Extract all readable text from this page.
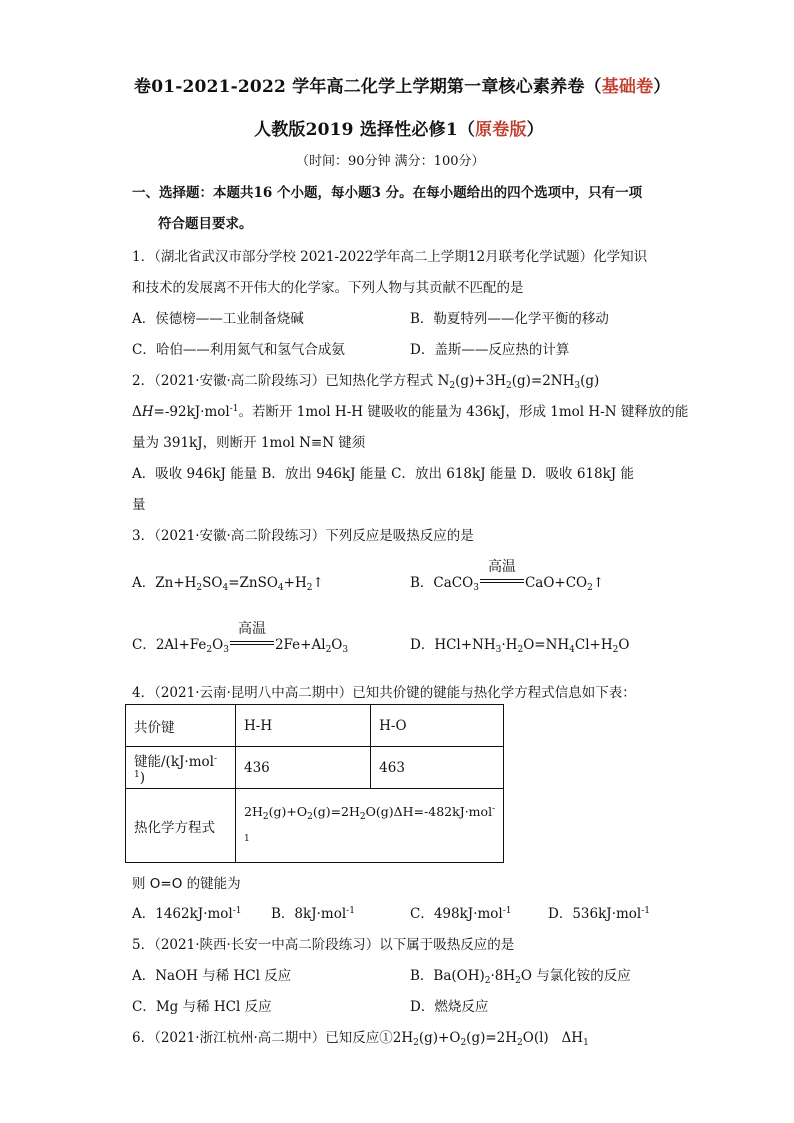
卷01-2021-2022 学年高二化学上学期第一章核心素养卷（基础卷）
人教版2019 选择性必修1（原卷版）
（时间：90分钟 满分：100分）
一、选择题：本题共16 个小题，每小题3 分。在每小题给出的四个选项中，只有一项
符合题目要求。
1．（湖北省武汉市部分学校 2021-2022学年高二上学期12月联考化学试题）化学知识
和技术的发展离不开伟大的化学家。下列人物与其贡献不匹配的是
A．侯德榜——工业制备烧碱	B．勒夏特列——化学平衡的移动
C．哈伯——利用氮气和氢气合成氨	D．盖斯——反应热的计算
2．（2021·安徽·高二阶段练习）已知热化学方程式 $N_2(g)+3H_2(g)=2NH_3(g)$
ΔH=-92kJ·mol$^{-1}$。若断开 1mol H-H 键吸收的能量为 436kJ，形成 1mol H-N 键释放的能
量为 391kJ，则断开 1mol N≡N 键须
A．吸收 946kJ 能量 B．放出 946kJ 能量 C．放出 618kJ 能量 D．吸收 618kJ 能
量
3．（2021·安徽·高二阶段练习）下列反应是吸热反应的是
A．$Zn+H_2SO_4=ZnSO_4+H_2↑$	B．CaCO$_3$
高温
$CaO+CO_2↑$
C．$2Al+Fe_2O_3$
高温
$2Fe+Al_2O_3$	D．$HCl+NH_3\cdot H_2O=NH_4Cl+H_2O$
4．（2021·云南·昆明八中高二期中）已知共价键的键能与热化学方程式信息如下表：
共价键	H-H	H-O
键能/(kJ·mol$^{-1}$)	436	463
热化学方程式	$2H_2(g)+O_2(g)=2H_2O(g)\Delta H=-482kJ\cdot mol^-$
$^1$
则 O=O 的键能为
A．1462kJ·mol$^{-1}$ B．8kJ·mol$^{-1}$	C．498kJ·mol$^{-1}$	D．536kJ·mol$^{-1}$
5．（2021·陕西·长安一中高二阶段练习）以下属于吸热反应的是
A．NaOH 与稀 HCl 反应	B．$Ba(OH)_2\cdot 8H_2O$ 与氯化铵的反应
C．Mg 与稀 HCl 反应	D．燃烧反应
6．（2021·浙江杭州·高二期中）已知反应$①2H_2(g)+O_2(g)=2H_2O(l)$   $\Delta H_1$
